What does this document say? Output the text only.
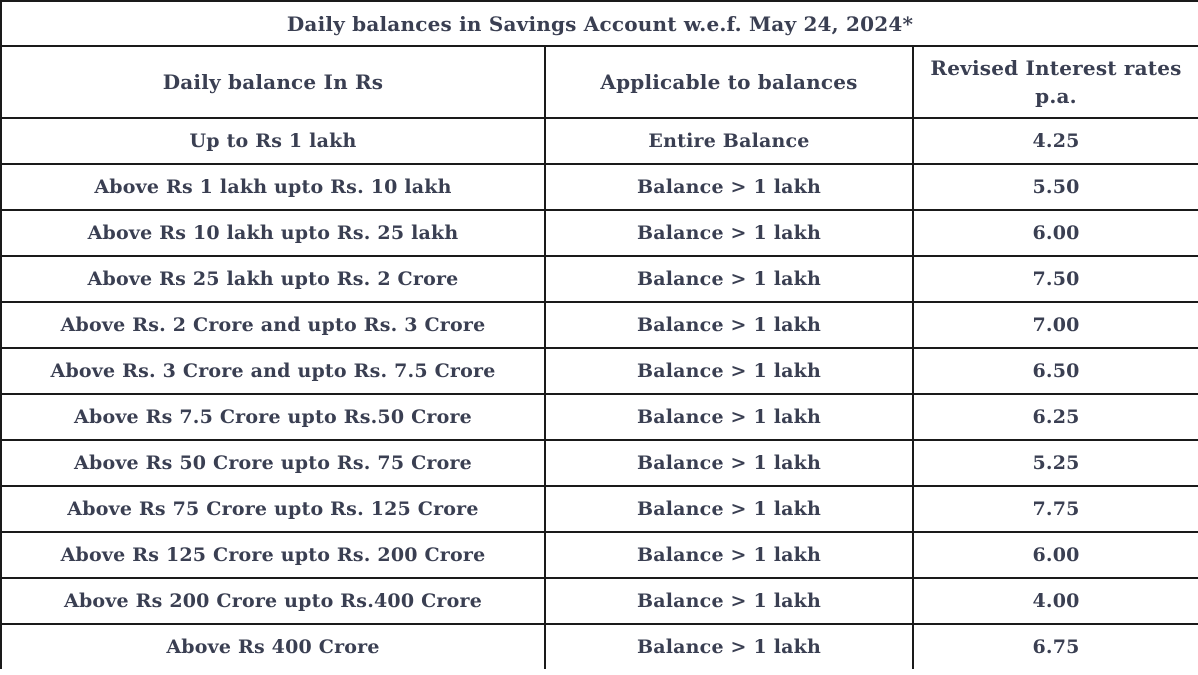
Daily balances in Savings Account w.e.f. May 24, 2024*		
Daily balance In Rs	Applicable to balances	Revised Interest rates p.a.
Up to Rs 1 lakh	Entire Balance	4.25
Above Rs 1 lakh upto Rs. 10 lakh	Balance > 1 lakh	5.50
Above Rs 10 lakh upto Rs. 25 lakh	Balance > 1 lakh	6.00
Above Rs 25 lakh upto Rs. 2 Crore	Balance > 1 lakh	7.50
Above Rs. 2 Crore and upto Rs. 3 Crore	Balance > 1 lakh	7.00
Above Rs. 3 Crore and upto Rs. 7.5 Crore	Balance > 1 lakh	6.50
Above Rs 7.5 Crore upto Rs.50 Crore	Balance > 1 lakh	6.25
Above Rs 50 Crore upto Rs. 75 Crore	Balance > 1 lakh	5.25
Above Rs 75 Crore upto Rs. 125 Crore	Balance > 1 lakh	7.75
Above Rs 125 Crore upto Rs. 200 Crore	Balance > 1 lakh	6.00
Above Rs 200 Crore upto Rs.400 Crore	Balance > 1 lakh	4.00
Above Rs 400 Crore	Balance > 1 lakh	6.75
